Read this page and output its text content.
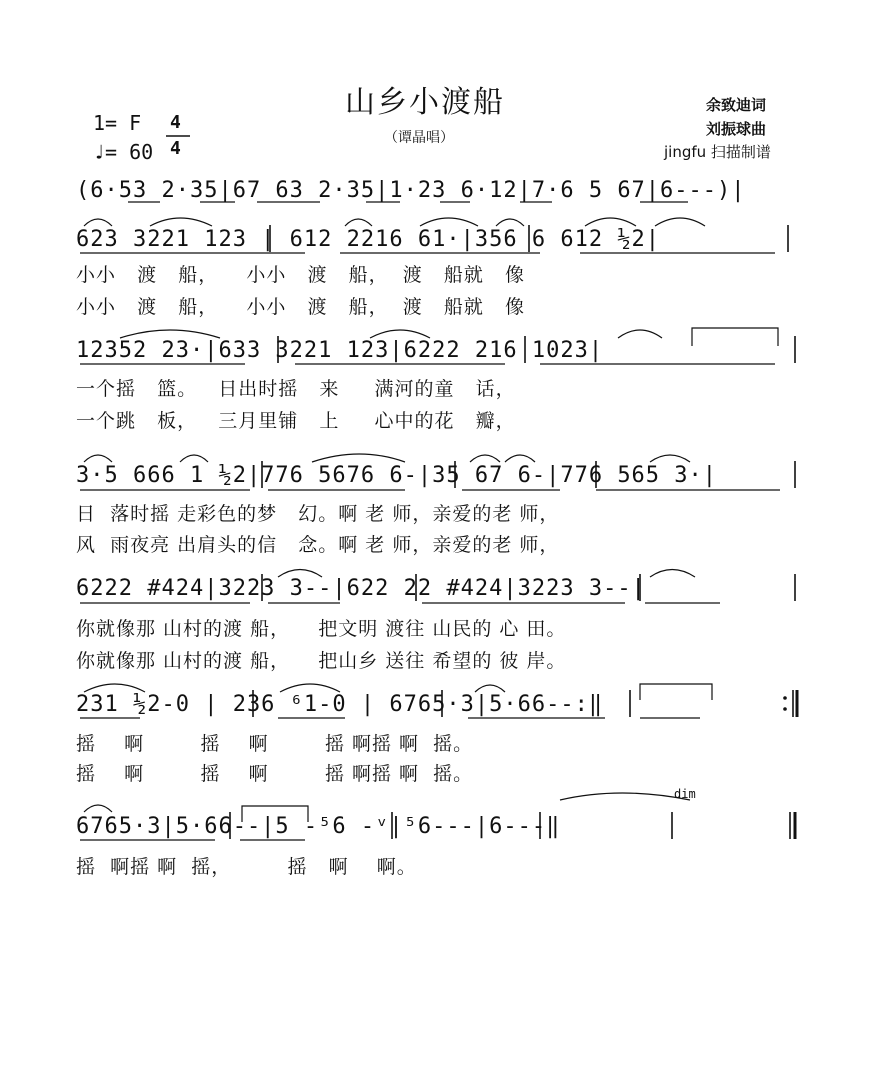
山乡小渡船
（谭晶唱）
余致迪词
刘振球曲
jingfu 扫描制谱
1= F
♩= 60
4
4
(6·53 2·35|67 63 2·35|1·23 6·12|7·6 5 67|6---)|
623 3221 123 | 612 2216 61·|356 6 612 ½2|
小小   渡   船，    小小   渡   船，  渡   船就   像
小小   渡   船，    小小   渡   船，  渡   船就   像
12352 23·|633 3221 123|6222 216 1023|
一个摇   篮。   日出时摇   来     满河的童   话，
一个跳   板，   三月里铺   上     心中的花   瓣，
3·5 666 1 ½2|776 5676 6-|35 67 6-|776 565 3·|
日  落时摇 走彩色的梦   幻。啊 老 师，亲爱的老 师，
风  雨夜亮 出肩头的信   念。啊 老 师，亲爱的老 师，
6222 #424|3223 3--|622 22 #424|3223 3--|
你就像那 山村的渡 船，    把文明 渡往 山民的 心 田。
你就像那 山村的渡 船，    把山乡 送往 希望的 彼 岸。
231 ½2-0 | 236 ⁶1-0 | 6765·3|5·66--:‖
摇    啊        摇    啊        摇 啊摇 啊  摇。
摇    啊        摇    啊        摇 啊摇 啊  摇。
dim
6765·3|5·66--|5 -⁵6 -ᵛ|⁵6---|6---‖
摇  啊摇 啊  摇，        摇   啊    啊。
